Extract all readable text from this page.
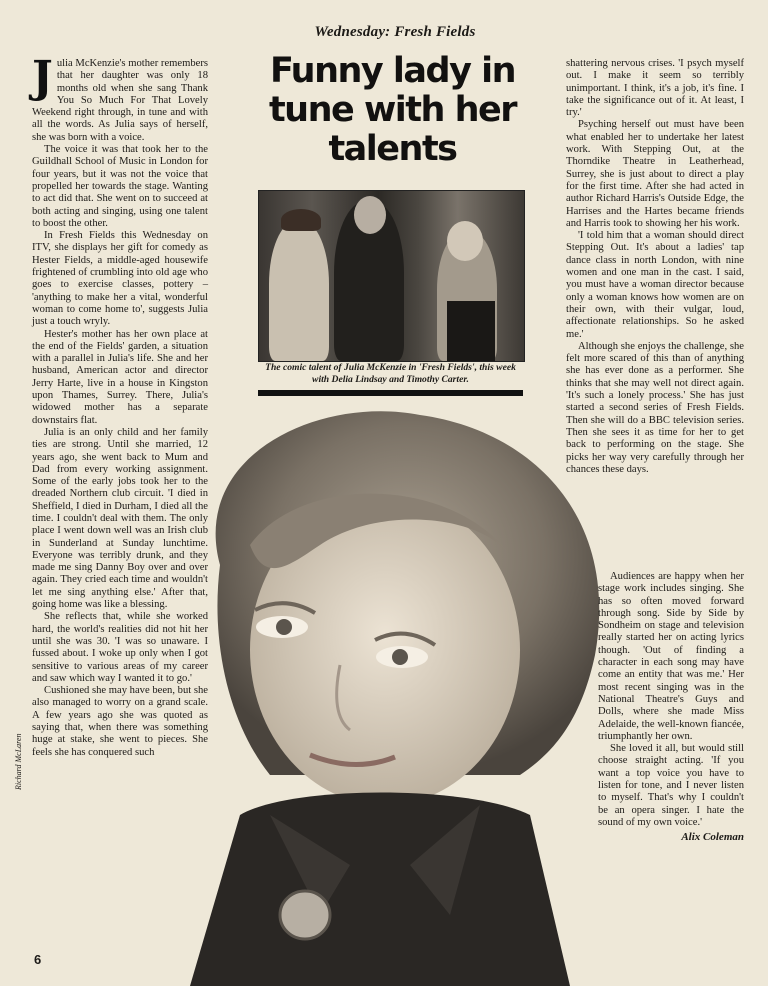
Wednesday: Fresh Fields
Funny lady in tune with her talents
The comic talent of Julia McKenzie in 'Fresh Fields', this week with Delia Lindsay and Timothy Carter.

Julia McKenzie's mother remembers that her daughter was only 18 months old when she sang Thank You So Much For That Lovely Weekend right through, in tune and with all the words. As Julia says of herself, she was born with a voice.

The voice it was that took her to the Guildhall School of Music in London for four years, but it was not the voice that propelled her towards the stage. Wanting to act did that. She went on to succeed at both acting and singing, using one talent to boost the other.

In Fresh Fields this Wednesday on ITV, she displays her gift for comedy as Hester Fields, a middle-aged housewife frightened of crumbling into old age who goes to exercise classes, pottery – 'anything to make her a vital, wonderful woman to come home to', suggests Julia just a touch wryly.

Hester's mother has her own place at the end of the Fields' garden, a situation with a parallel in Julia's life. She and her husband, American actor and director Jerry Harte, live in a house in Kingston upon Thames, Surrey. There, Julia's widowed mother has a separate downstairs flat.

Julia is an only child and her family ties are strong. Until she married, 12 years ago, she went back to Mum and Dad from every working assignment. Some of the early jobs took her to the dreaded Northern club circuit. 'I died in Sheffield, I died in Durham, I died all the time. I couldn't deal with them. The only place I went down well was an Irish club in Sunderland at Sunday lunchtime. Everyone was terribly drunk, and they made me sing Danny Boy over and over again. They cried each time and wouldn't let me sing anything else.' After that, going home was like a blessing.

She reflects that, while she worked hard, the world's realities did not hit her until she was 30. 'I was so unaware. I fussed about. I woke up only when I got sensitive to various areas of my career and saw which way I wanted it to go.'

Cushioned she may have been, but she also managed to worry on a grand scale. A few years ago she was quoted as saying that, when there was something huge at stake, she went to pieces. She feels she has conquered such

shattering nervous crises. 'I psych myself out. I make it seem so terribly unimportant. I think, it's a job, it's fine. I take the significance out of it. At least, I try.'

Psyching herself out must have been what enabled her to undertake her latest work. With Stepping Out, at the Thorndike Theatre in Leatherhead, Surrey, she is just about to direct a play for the first time. After she had acted in author Richard Harris's Outside Edge, the Harrises and the Hartes became friends and Harris took to showing her his work.

'I told him that a woman should direct Stepping Out. It's about a ladies' tap dance class in north London, with nine women and one man in the cast. I said, you must have a woman director because only a woman knows how women are on their own, with their vulgar, loud, affectionate relationships. So he asked me.'

Although she enjoys the challenge, she felt more scared of this than of anything she has ever done as a performer. She thinks that she may well not direct again. 'It's such a lonely process.' She has just started a second series of Fresh Fields. Then she will do a BBC television series. Then she sees it as time for her to get back to performing on the stage. She picks her way very carefully through her chances these days.

Audiences are happy when her stage work includes singing. She has so often moved forward through song. Side by Side by Sondheim on stage and television really started her on acting lyrics though. 'Out of finding a character in each song may have come an entity that was me.' Her most recent singing was in the National Theatre's Guys and Dolls, where she made Miss Adelaide, the well-known fiancée, triumphantly her own.

She loved it all, but would still choose straight acting. 'If you want a top voice you have to listen for tone, and I never listen to myself. That's why I couldn't be an opera singer. I hate the sound of my own voice.'

Alix Coleman
Richard McLaren
6
